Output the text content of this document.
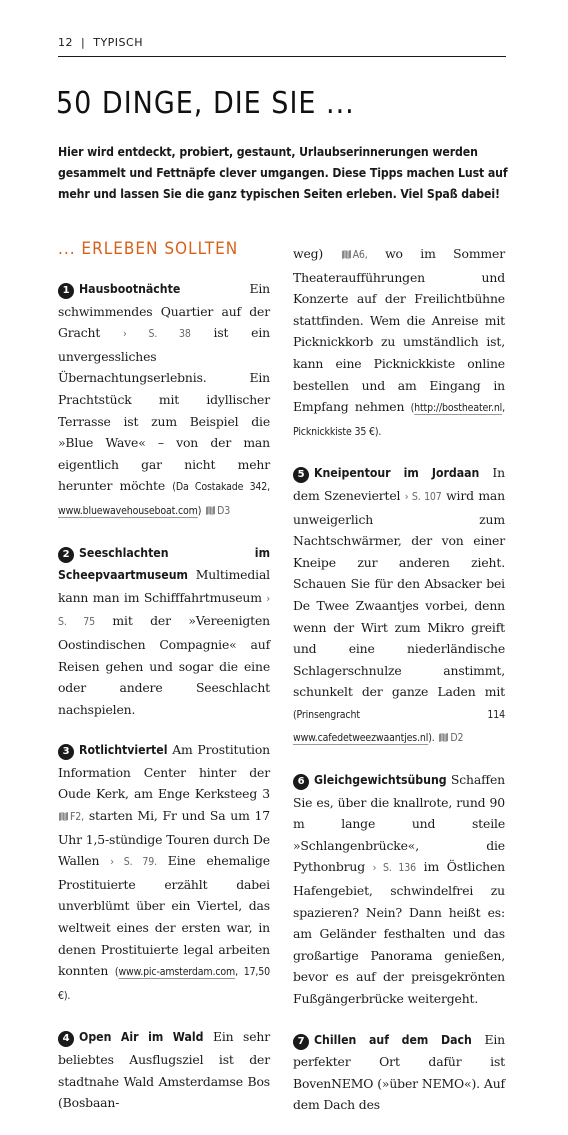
12 | TYPISCH
50 DINGE, DIE SIE ...

Hier wird entdeckt, probiert, gestaunt, Urlaubserinnerungen werden gesammelt und Fettnäpfe clever umgangen. Diese Tipps machen Lust auf mehr und lassen Sie die ganz typischen Seiten erleben. Viel Spaß dabei!

... ERLEBEN SOLLTEN

1 Hausbootnächte Ein schwimmendes Quartier auf der Gracht › S. 38 ist ein unvergessliches Übernachtungserlebnis. Ein Prachtstück mit idyllischer Terrasse ist zum Beispiel die »Blue Wave« – von der man eigentlich gar nicht mehr herunter möchte (Da Costakade 342, www.bluewavehouseboat.com) D3

2 Seeschlachten im Scheepvaartmuseum Multimedial kann man im Schifffahrtmuseum › S. 75 mit der »Vereenigten Oostindischen Compagnie« auf Reisen gehen und sogar die eine oder andere Seeschlacht nachspielen.

3 Rotlichtviertel Am Prostitution Information Center hinter der Oude Kerk, am Enge Kerksteeg 3
F2, starten Mi, Fr und Sa um 17 Uhr 1,5-stündige Touren durch De Wallen › S. 79. Eine ehemalige Prostituierte erzählt dabei unverblümt über ein Viertel, das weltweit eines der ersten war, in denen Prostituierte legal arbeiten konnten (www.pic-amsterdam.com, 17,50 €).

4 Open Air im Wald Ein sehr beliebtes Ausflugsziel ist der stadtnahe Wald Amsterdamse Bos (Bosbaan-

weg)	A6, wo im Sommer Theateraufführungen und Konzerte auf der Freilichtbühne stattfinden. Wem die Anreise mit Picknickkorb zu umständlich ist, kann eine Picknickkiste online bestellen und am Eingang in Empfang nehmen (http://bostheater.nl, Picknickkiste 35 €).

5 Kneipentour im Jordaan In dem Szeneviertel › S. 107 wird man unweigerlich zum Nachtschwärmer, der von einer Kneipe zur anderen zieht. Schauen Sie für den Absacker bei De Twee Zwaantjes vorbei, denn wenn der Wirt zum Mikro greift und eine niederländische Schlagerschnulze anstimmt, schunkelt der ganze Laden mit (Prinsengracht 114 www.cafedetweezwaantjes.nl). D2

6 Gleichgewichtsübung Schaffen Sie es, über die knallrote, rund 90 m lange und steile »Schlangenbrücke«, die Pythonbrug › S. 136 im Östlichen Hafengebiet, schwindelfrei zu spazieren? Nein? Dann heißt es: am Geländer festhalten und das großartige Panorama genießen, bevor es auf der preisgekrönten Fußgängerbrücke weitergeht.

7 Chillen auf dem Dach Ein perfekter Ort dafür ist BovenNEMO (»über NEMO«). Auf dem Dach des
